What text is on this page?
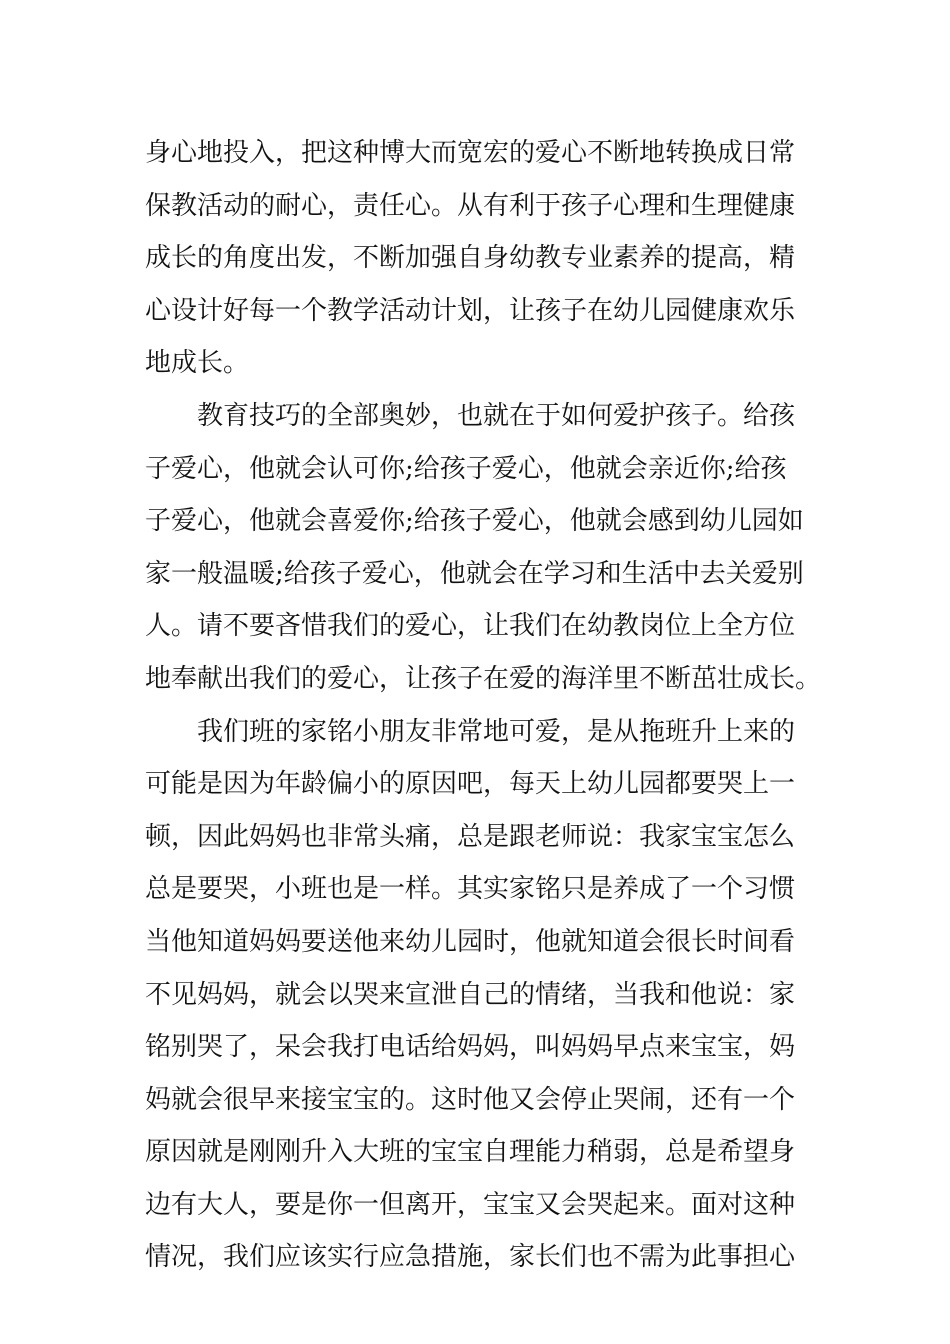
身心地投入，把这种博大而宽宏的爱心不断地转换成日常
保教活动的耐心，责任心。从有利于孩子心理和生理健康
成长的角度出发，不断加强自身幼教专业素养的提高，精
心设计好每一个教学活动计划，让孩子在幼儿园健康欢乐
地成长。
　　教育技巧的全部奥妙，也就在于如何爱护孩子。给孩
子爱心，他就会认可你;给孩子爱心，他就会亲近你;给孩
子爱心，他就会喜爱你;给孩子爱心，他就会感到幼儿园如
家一般温暖;给孩子爱心，他就会在学习和生活中去关爱别
人。请不要吝惜我们的爱心，让我们在幼教岗位上全方位
地奉献出我们的爱心，让孩子在爱的海洋里不断茁壮成长。
　　我们班的家铭小朋友非常地可爱，是从拖班升上来的
可能是因为年龄偏小的原因吧，每天上幼儿园都要哭上一
顿，因此妈妈也非常头痛，总是跟老师说：我家宝宝怎么
总是要哭，小班也是一样。其实家铭只是养成了一个习惯
当他知道妈妈要送他来幼儿园时，他就知道会很长时间看
不见妈妈，就会以哭来宣泄自己的情绪，当我和他说：家
铭别哭了，呆会我打电话给妈妈，叫妈妈早点来宝宝，妈
妈就会很早来接宝宝的。这时他又会停止哭闹，还有一个
原因就是刚刚升入大班的宝宝自理能力稍弱，总是希望身
边有大人，要是你一但离开，宝宝又会哭起来。面对这种
情况，我们应该实行应急措施，家长们也不需为此事担心
